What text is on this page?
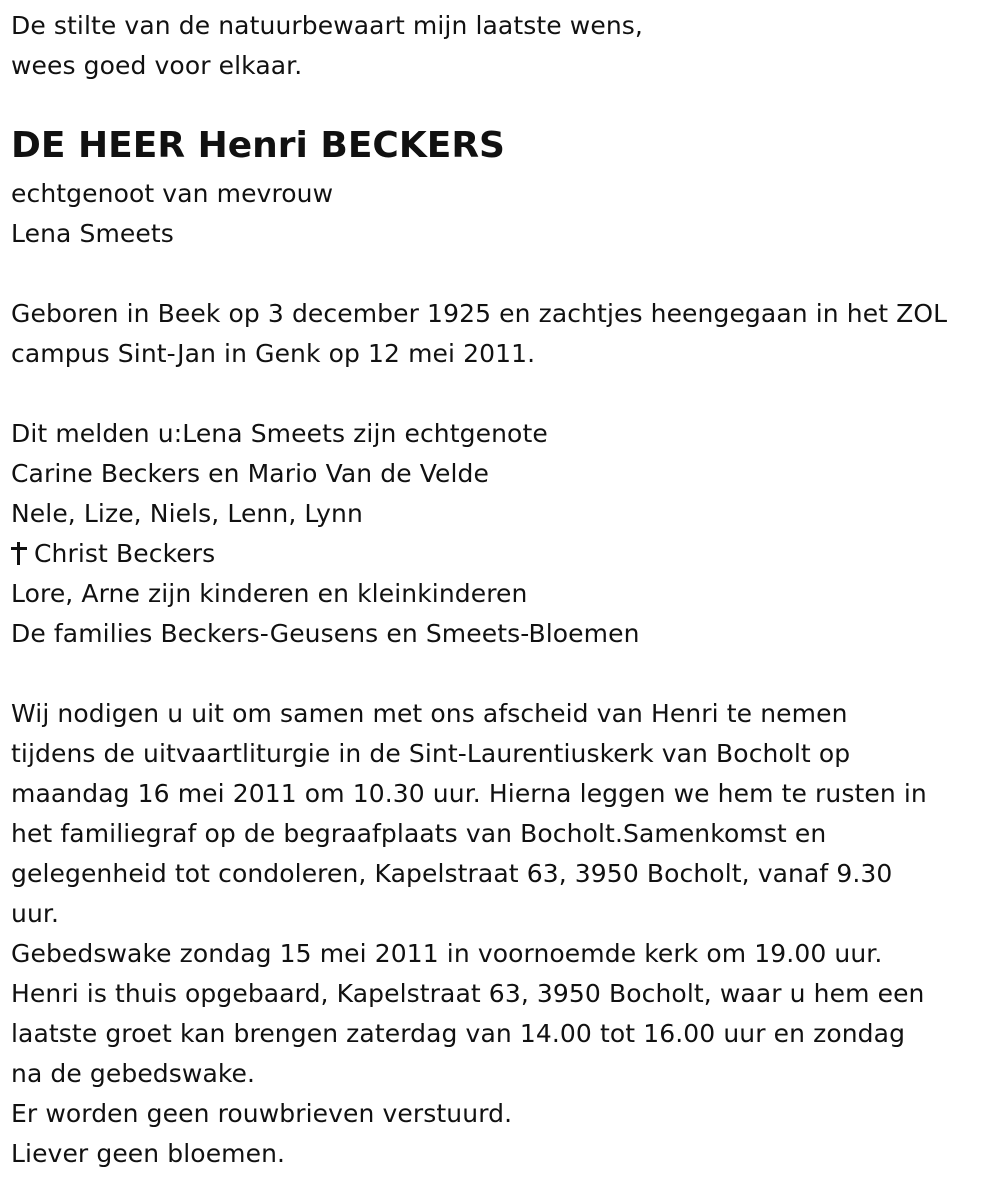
De stilte van de natuurbewaart mijn laatste wens,
wees goed voor elkaar.
DE HEER Henri BECKERS
echtgenoot van mevrouw
Lena Smeets
Geboren in Beek op 3 december 1925 en zachtjes heengegaan in het ZOL
campus Sint-Jan in Genk op 12 mei 2011.
Dit melden u:Lena Smeets zijn echtgenote
Carine Beckers en Mario Van de Velde
Nele, Lize, Niels, Lenn, Lynn
Christ Beckers
Lore, Arne zijn kinderen en kleinkinderen
De families Beckers-Geusens en Smeets-Bloemen
Wij nodigen u uit om samen met ons afscheid van Henri te nemen
tijdens de uitvaartliturgie in de Sint-Laurentiuskerk van Bocholt op
maandag 16 mei 2011 om 10.30 uur. Hierna leggen we hem te rusten in
het familiegraf op de begraafplaats van Bocholt.Samenkomst en
gelegenheid tot condoleren, Kapelstraat 63, 3950 Bocholt, vanaf 9.30
uur.
Gebedswake zondag 15 mei 2011 in voornoemde kerk om 19.00 uur.
Henri is thuis opgebaard, Kapelstraat 63, 3950 Bocholt, waar u hem een
laatste groet kan brengen zaterdag van 14.00 tot 16.00 uur en zondag
na de gebedswake.
Er worden geen rouwbrieven verstuurd.
Liever geen bloemen.
